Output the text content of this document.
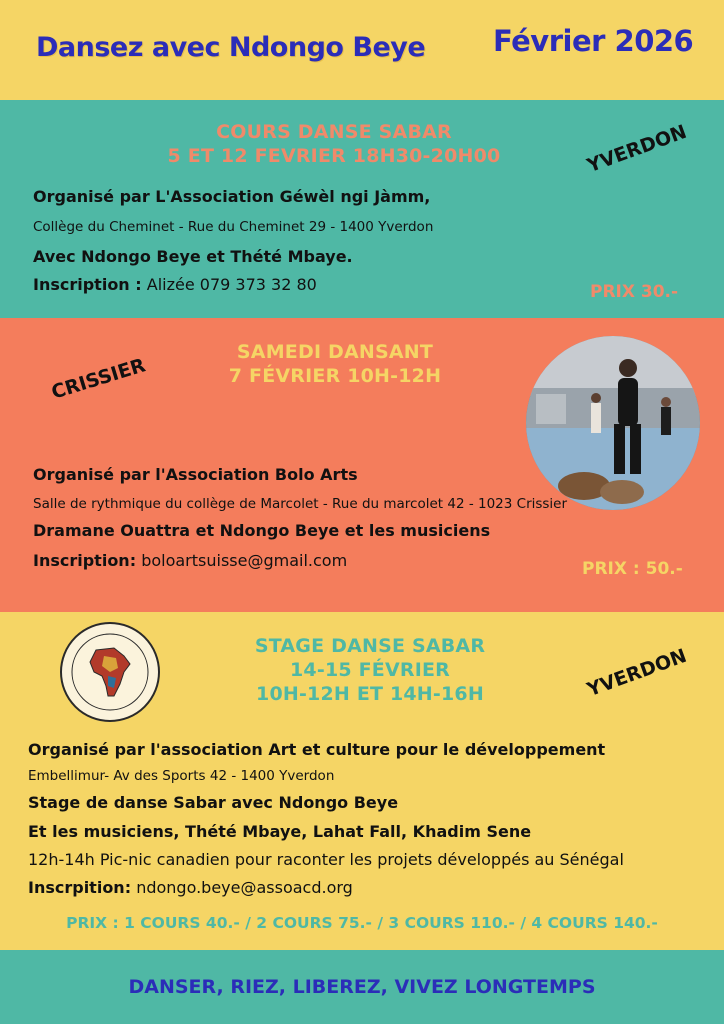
Dansez avec Ndongo Beye Février 2026
COURS DANSE SABAR
5 ET 12 FEVRIER 18H30-20H00	YVERDON
Organisé par L'Association Géwèl ngi Jàmm,
Collège du Cheminet - Rue du Cheminet 29 - 1400 Yverdon
Avec Ndongo Beye et Thété Mbaye.
Inscription : Alizée 079 373 32 80	PRIX 30.-
CRISSIER
SAMEDI DANSANT
7 FÉVRIER 10H-12H
Organisé par l'Association Bolo Arts
Salle de rythmique du collège de Marcolet - Rue du marcolet 42 - 1023 Crissier
Dramane Ouattra et Ndongo Beye et les musiciens
Inscription: boloartsuisse@gmail.com	PRIX : 50.-
STAGE DANSE SABAR
14-15 FÉVRIER
10H-12H ET 14H-16H	YVERDON
Organisé par l'association Art et culture pour le développement
Embellimur- Av des Sports 42 - 1400 Yverdon
Stage de danse Sabar avec Ndongo Beye
Et les musiciens, Thété Mbaye, Lahat Fall, Khadim Sene
12h-14h Pic-nic canadien pour raconter les projets développés au Sénégal
Inscrpition: ndongo.beye@assoacd.org
PRIX : 1 COURS 40.- / 2 COURS 75.- / 3 COURS 110.- / 4 COURS 140.-
DANSER, RIEZ, LIBEREZ, VIVEZ LONGTEMPS
